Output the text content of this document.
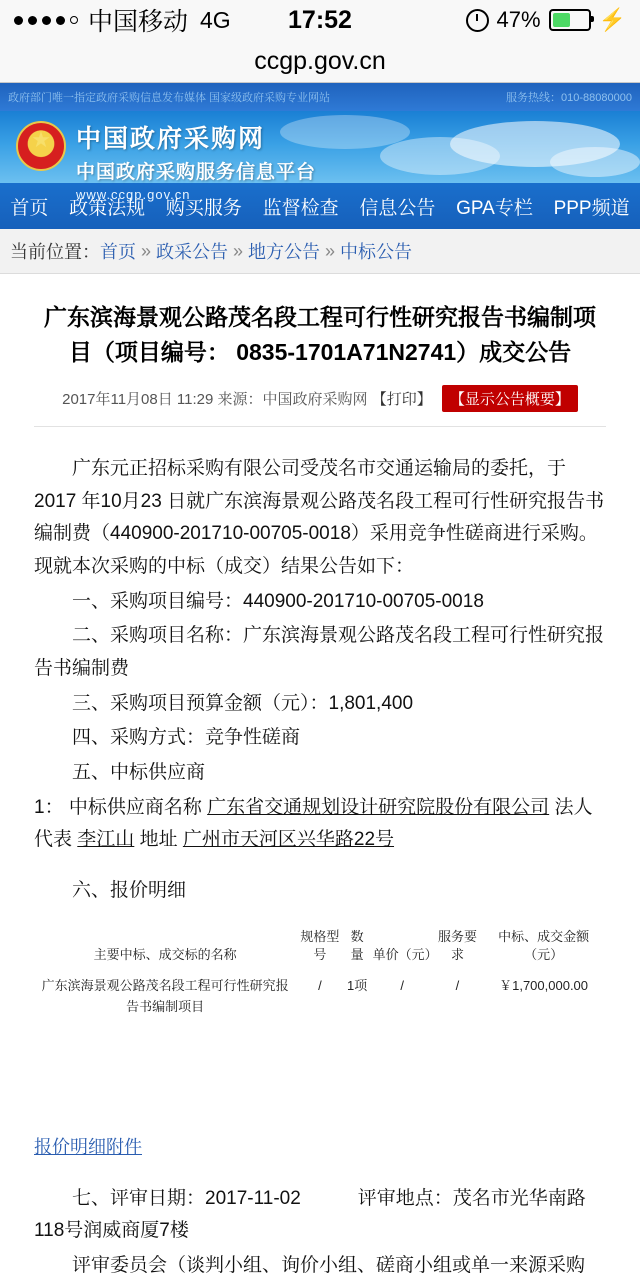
中国移动 4G	17:52	47%	⚡
ccgp.gov.cn
政府部门唯一指定政府采购信息发布媒体 国家级政府采购专业网站	服务热线：010-88080000
★
中国政府采购网
中国政府采购服务信息平台
www.ccgp.gov.cn
首页	政策法规	购买服务	监督检查	信息公告	GPA专栏	PPP频道
当前位置： 首页 » 政采公告 » 地方公告 » 中标公告
广东滨海景观公路茂名段工程可行性研究报告书编制项目（项目编号： 0835-1701A71N2741）成交公告
2017年11月08日 11:29 来源：中国政府采购网 【打印】 【显示公告概要】

广东元正招标采购有限公司受茂名市交通运输局的委托，于2017 年10月23 日就广东滨海景观公路茂名段工程可行性研究报告书编制费（440900-201710-00705-0018）采用竞争性磋商进行采购。现就本次采购的中标（成交）结果公告如下：

一、采购项目编号：440900-201710-00705-0018

二、采购项目名称：广东滨海景观公路茂名段工程可行性研究报告书编制费

三、采购项目预算金额（元）：1,801,400

四、采购方式：竞争性磋商

五、中标供应商

1： 中标供应商名称 广东省交通规划设计研究院股份有限公司 法人代表 李江山 地址 广州市天河区兴华路22号

六、报价明细

主要中标、成交标的名称	规格型号	数量	单价（元）	服务要求	中标、成交金额（元）
广东滨海景观公路茂名段工程可行性研究报告书编制项目	/	1项	/	/	￥1,700,000.00
报价明细附件

七、评审日期：2017-11-02　　　评审地点：茂名市光华南路118号润威商厦7楼

评审委员会（谈判小组、询价小组、磋商小组或单一来源采购
